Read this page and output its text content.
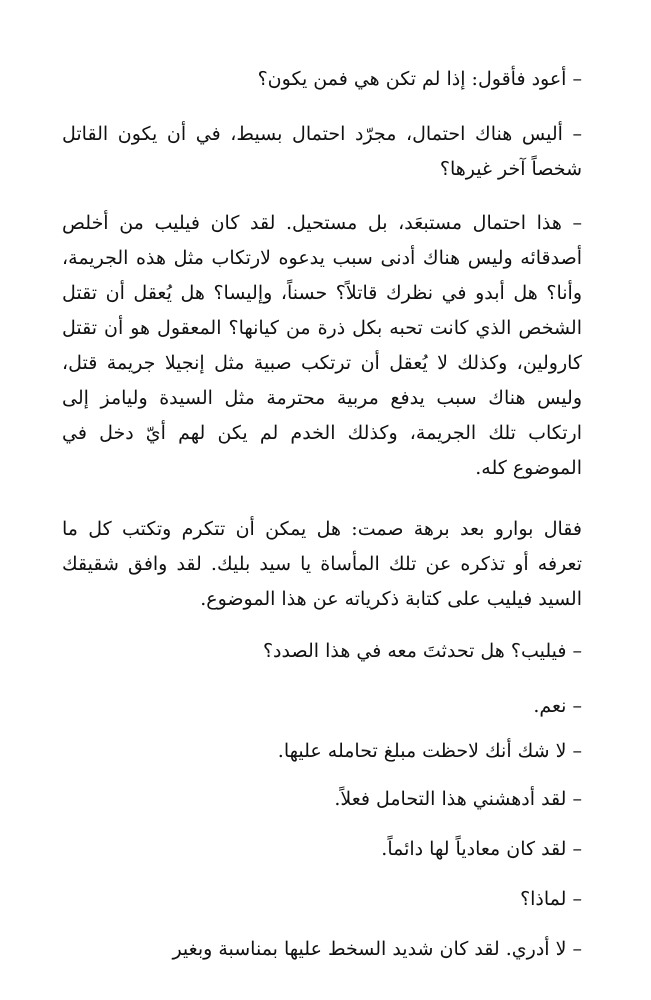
– أعود فأقول: إذا لم تكن هي فمن يكون؟

– أليس هناك احتمال، مجرّد احتمال بسيط، في أن يكون القاتل شخصاً آخر غيرها؟

– هذا احتمال مستبعَد، بل مستحيل. لقد كان فيليب من أخلص أصدقائه وليس هناك أدنى سبب يدعوه لارتكاب مثل هذه الجريمة، وأنا؟ هل أبدو في نظرك قاتلاً؟ حسناً، وإليسا؟ هل يُعقل أن تقتل الشخص الذي كانت تحبه بكل ذرة من كيانها؟ المعقول هو أن تقتل كارولين، وكذلك لا يُعقل أن ترتكب صبية مثل إنجيلا جريمة قتل، وليس هناك سبب يدفع مربية محترمة مثل السيدة وليامز إلى ارتكاب تلك الجريمة، وكذلك الخدم لم يكن لهم أيّ دخل في الموضوع كله.

فقال بوارو بعد برهة صمت: هل يمكن أن تتكرم وتكتب كل ما تعرفه أو تذكره عن تلك المأساة يا سيد بليك. لقد وافق شقيقك السيد فيليب على كتابة ذكرياته عن هذا الموضوع.

– فيليب؟ هل تحدثتَ معه في هذا الصدد؟

– نعم.

– لا شك أنك لاحظت مبلغ تحامله عليها.

– لقد أدهشني هذا التحامل فعلاً.

– لقد كان معادياً لها دائماً.

– لماذا؟

– لا أدري. لقد كان شديد السخط عليها بمناسبة وبغير
